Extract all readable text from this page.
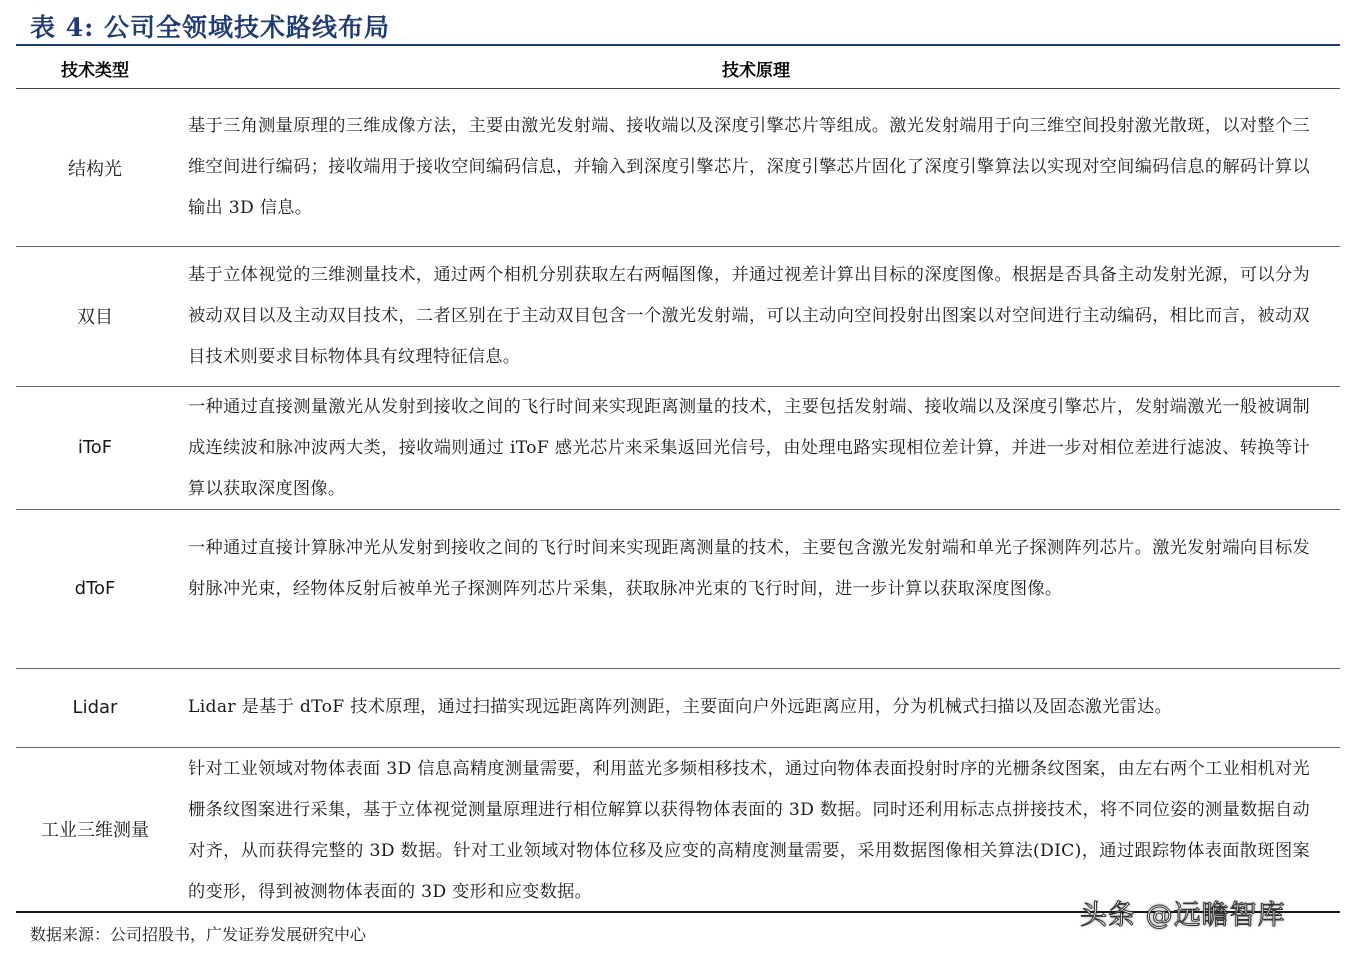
表 4: 公司全领域技术路线布局
技术类型	技术原理
结构光
基于三角测量原理的三维成像方法，主要由激光发射端、接收端以及深度引擎芯片等组成。激光发射端用于向三维空间投射激光散斑，以对整个三维空间进行编码；接收端用于接收空间编码信息，并输入到深度引擎芯片，深度引擎芯片固化了深度引擎算法以实现对空间编码信息的解码计算以输出 3D 信息。
双目
基于立体视觉的三维测量技术，通过两个相机分别获取左右两幅图像，并通过视差计算出目标的深度图像。根据是否具备主动发射光源，可以分为被动双目以及主动双目技术，二者区别在于主动双目包含一个激光发射端，可以主动向空间投射出图案以对空间进行主动编码，相比而言，被动双目技术则要求目标物体具有纹理特征信息。
iToF
一种通过直接测量激光从发射到接收之间的飞行时间来实现距离测量的技术，主要包括发射端、接收端以及深度引擎芯片，发射端激光一般被调制成连续波和脉冲波两大类，接收端则通过 iToF 感光芯片来采集返回光信号，由处理电路实现相位差计算，并进一步对相位差进行滤波、转换等计算以获取深度图像。
dToF
一种通过直接计算脉冲光从发射到接收之间的飞行时间来实现距离测量的技术，主要包含激光发射端和单光子探测阵列芯片。激光发射端向目标发射脉冲光束，经物体反射后被单光子探测阵列芯片采集，获取脉冲光束的飞行时间，进一步计算以获取深度图像。
Lidar	Lidar 是基于 dToF 技术原理，通过扫描实现远距离阵列测距，主要面向户外远距离应用，分为机械式扫描以及固态激光雷达。
工业三维测量
针对工业领域对物体表面 3D 信息高精度测量需要，利用蓝光多频相移技术，通过向物体表面投射时序的光栅条纹图案，由左右两个工业相机对光栅条纹图案进行采集，基于立体视觉测量原理进行相位解算以获得物体表面的 3D 数据。同时还利用标志点拼接技术，将不同位姿的测量数据自动对齐，从而获得完整的 3D 数据。针对工业领域对物体位移及应变的高精度测量需要，采用数据图像相关算法(DIC)，通过跟踪物体表面散斑图案的变形，得到被测物体表面的 3D 变形和应变数据。
数据来源：公司招股书，广发证券发展研究中心
头条 @远瞻智库
